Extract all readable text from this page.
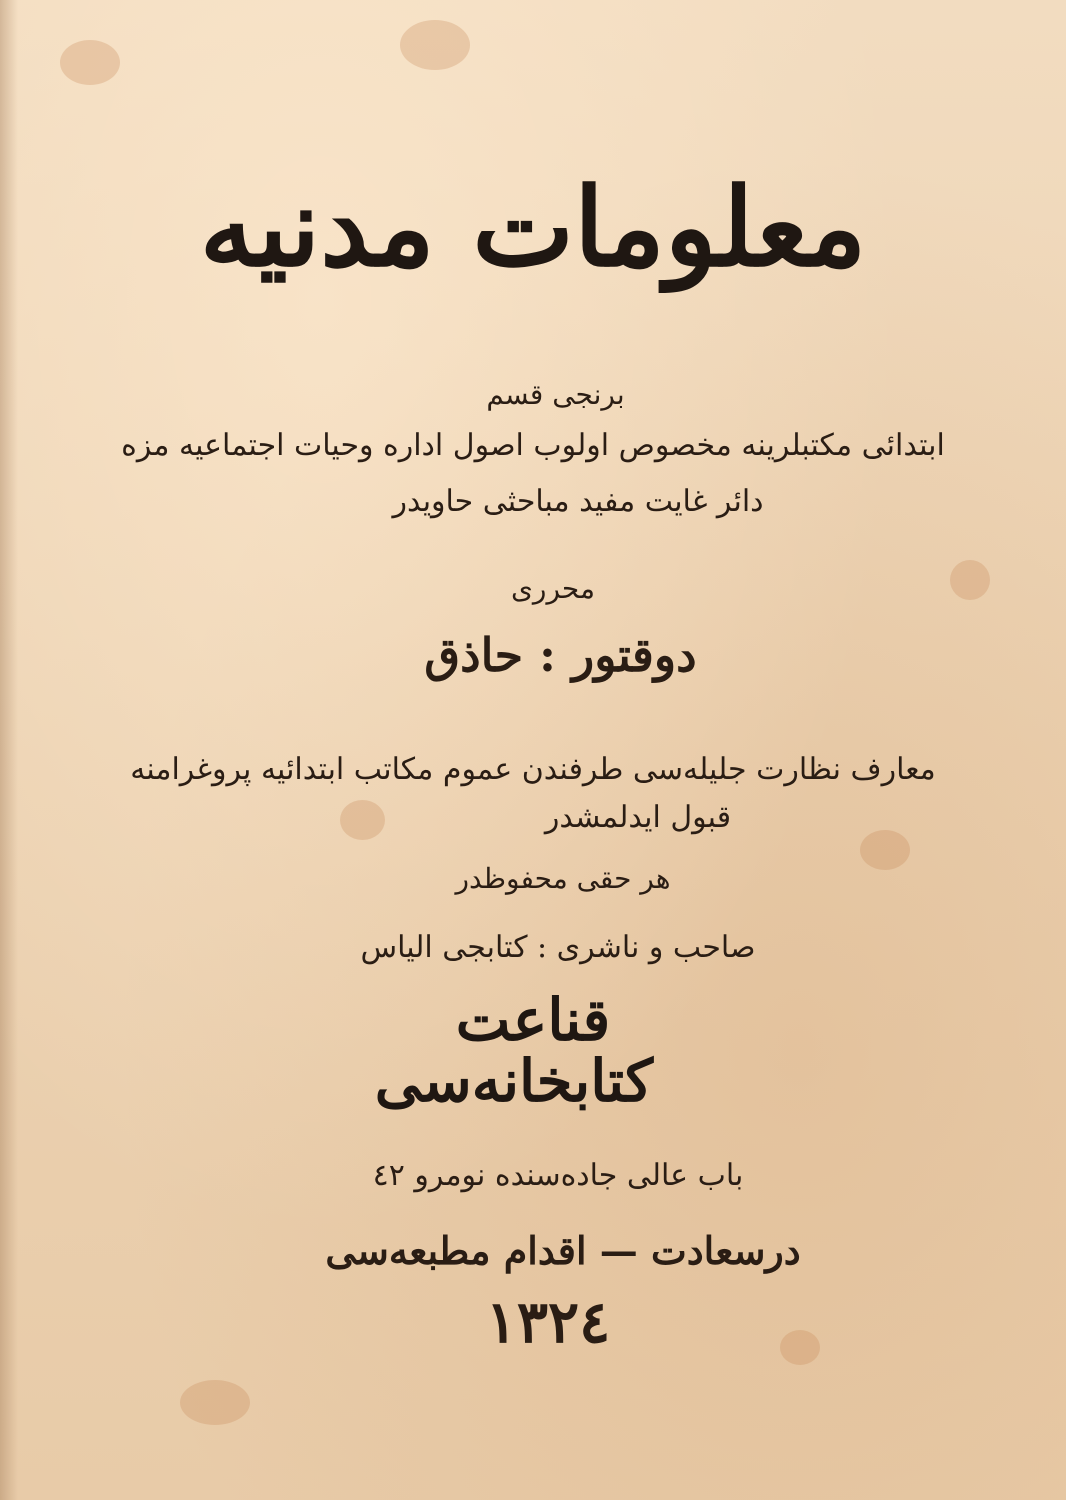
معلومات مدنيه
برنجی قسم
ابتدائی مكتبلرینه مخصوص اولوب اصول اداره وحیات اجتماعیه مزه
دائر غایت مفید مباحثی حاویدر
محرری
دوقتور : حاذق
معارف نظارت جلیله‌سی طرفندن عموم مكاتب ابتدائیه پروغرامنه
قبول ایدلمشدر
هر حقی محفوظدر
صاحب و ناشری : كتابجی الیاس
قناعت
كتابخانه‌سی
باب عالی جاده‌سنده نومرو ٤٢
درسعادت — اقدام مطبعه‌سی
١٣٢٤
